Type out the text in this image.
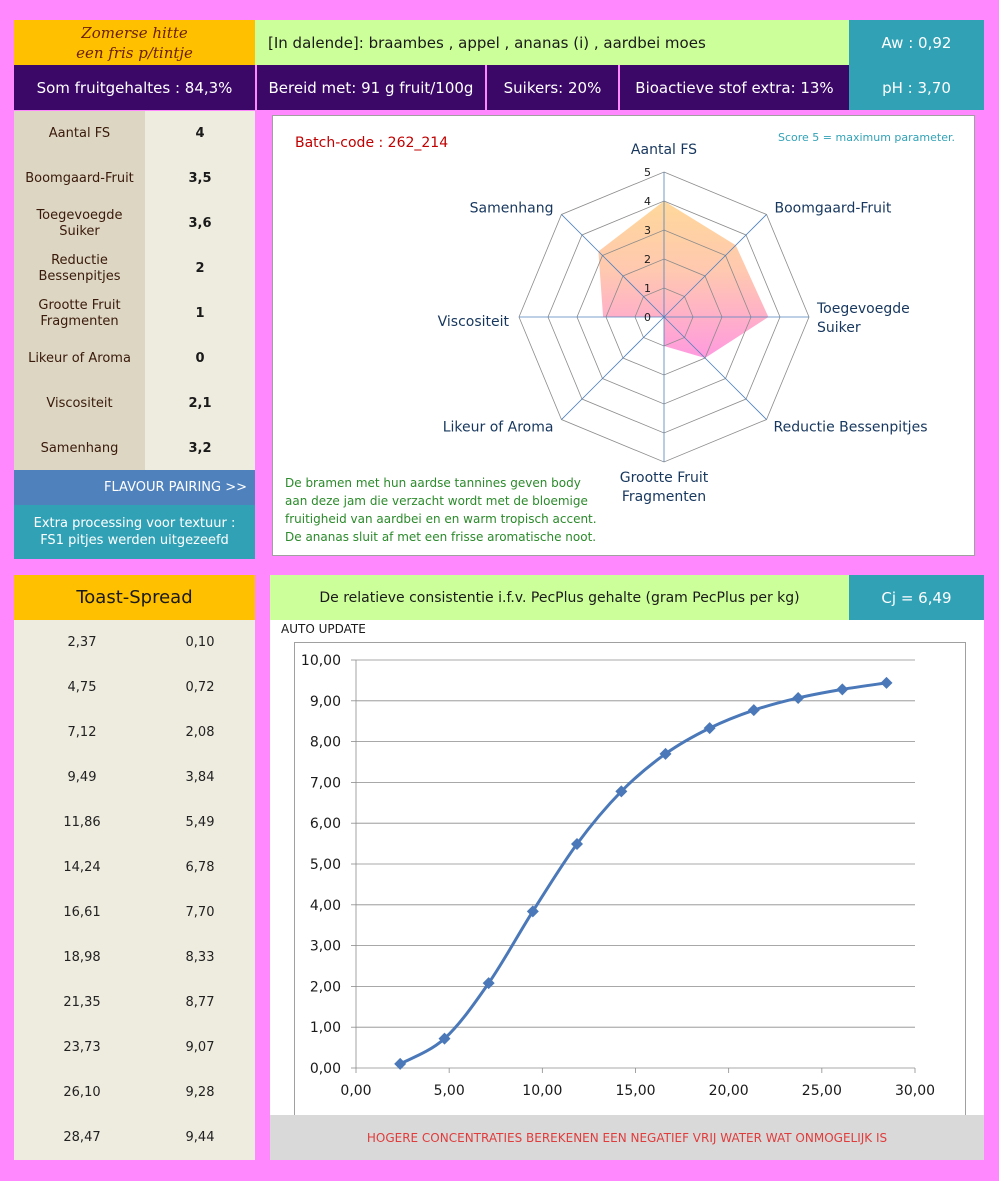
Zomerse hitte
een fris p/tintje
[In dalende]: braambes , appel , ananas (i) , aardbei moes	Aw : 0,92
Som fruitgehaltes : 84,3% Bereid met: 91 g fruit/100g Suikers: 20% Bioactieve stof extra: 13%	pH : 3,70
Aantal FS	4
Boomgaard-Fruit	3,5
Toegevoegde Suiker	3,6
Reductie Bessenpitjes	2
Grootte Fruit Fragmenten	1
Likeur of Aroma	0
Viscositeit	2,1
Samenhang	3,2
FLAVOUR PAIRING >>
Extra processing voor textuur : FS1 pitjes werden uitgezeefd
Batch-code : 262_214	Score 5 = maximum parameter.
0
1
2
3
4
5
Aantal FS
Boomgaard-Fruit
Toegevoegde Suiker
Reductie Bessenpitjes
Grootte Fruit Fragmenten
Likeur of Aroma
Viscositeit
Samenhang
De bramen met hun aardse tannines geven body
aan deze jam die verzacht wordt met de bloemige
fruitigheid van aardbei en en warm tropisch accent.
De ananas sluit af met een frisse aromatische noot.
Toast-Spread	De relatieve consistentie i.f.v. PecPlus gehalte (gram PecPlus per kg)	Cj = 6,49
2,37	0,10
4,75	0,72
7,12	2,08
9,49	3,84
11,86	5,49
14,24	6,78
16,61	7,70
18,98	8,33
21,35	8,77
23,73	9,07
26,10	9,28
28,47	9,44
AUTO UPDATE
0,00
1,00
2,00
3,00
4,00
5,00
6,00
7,00
8,00
9,00
10,00
0,00	5,00	10,00	15,00	20,00	25,00	30,00
HOGERE CONCENTRATIES BEREKENEN EEN NEGATIEF VRIJ WATER WAT ONMOGELIJK IS
